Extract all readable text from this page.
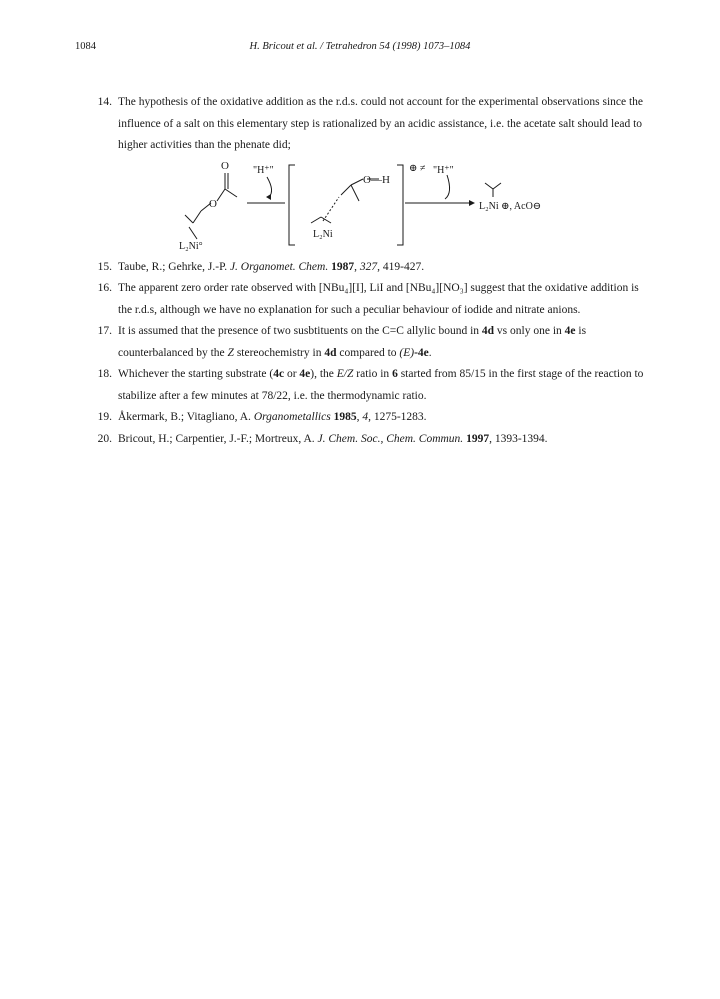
1084	H. Bricout et al. / Tetrahedron 54 (1998) 1073–1084
14. The hypothesis of the oxidative addition as the r.d.s. could not account for the experimental observations since the influence of a salt on this elementary step is rationalized by an acidic assistance, i.e. the acetate salt should lead to higher activities than the phenate did;
O
O
L₂Ni°
"H⁺"
O—H
L₂Ni
⊕ ≠ "H⁺"
L₂Ni ⊕, AcO⊖
15. Taube, R.; Gehrke, J.-P. J. Organomet. Chem. 1987, 327, 419-427.
16. The apparent zero order rate observed with [NBu₄][I], LiI and [NBu₄][NO₃] suggest that the oxidative addition is the r.d.s, although we have no explanation for such a peculiar behaviour of iodide and nitrate anions.
17. It is assumed that the presence of two susbtituents on the C=C allylic bound in 4d vs only one in 4e is counterbalanced by the Z stereochemistry in 4d compared to (E)-4e.
18. Whichever the starting substrate (4c or 4e), the E/Z ratio in 6 started from 85/15 in the first stage of the reaction to stabilize after a few minutes at 78/22, i.e. the thermodynamic ratio.
19. Åkermark, B.; Vitagliano, A. Organometallics 1985, 4, 1275-1283.
20. Bricout, H.; Carpentier, J.-F.; Mortreux, A. J. Chem. Soc., Chem. Commun. 1997, 1393-1394.
